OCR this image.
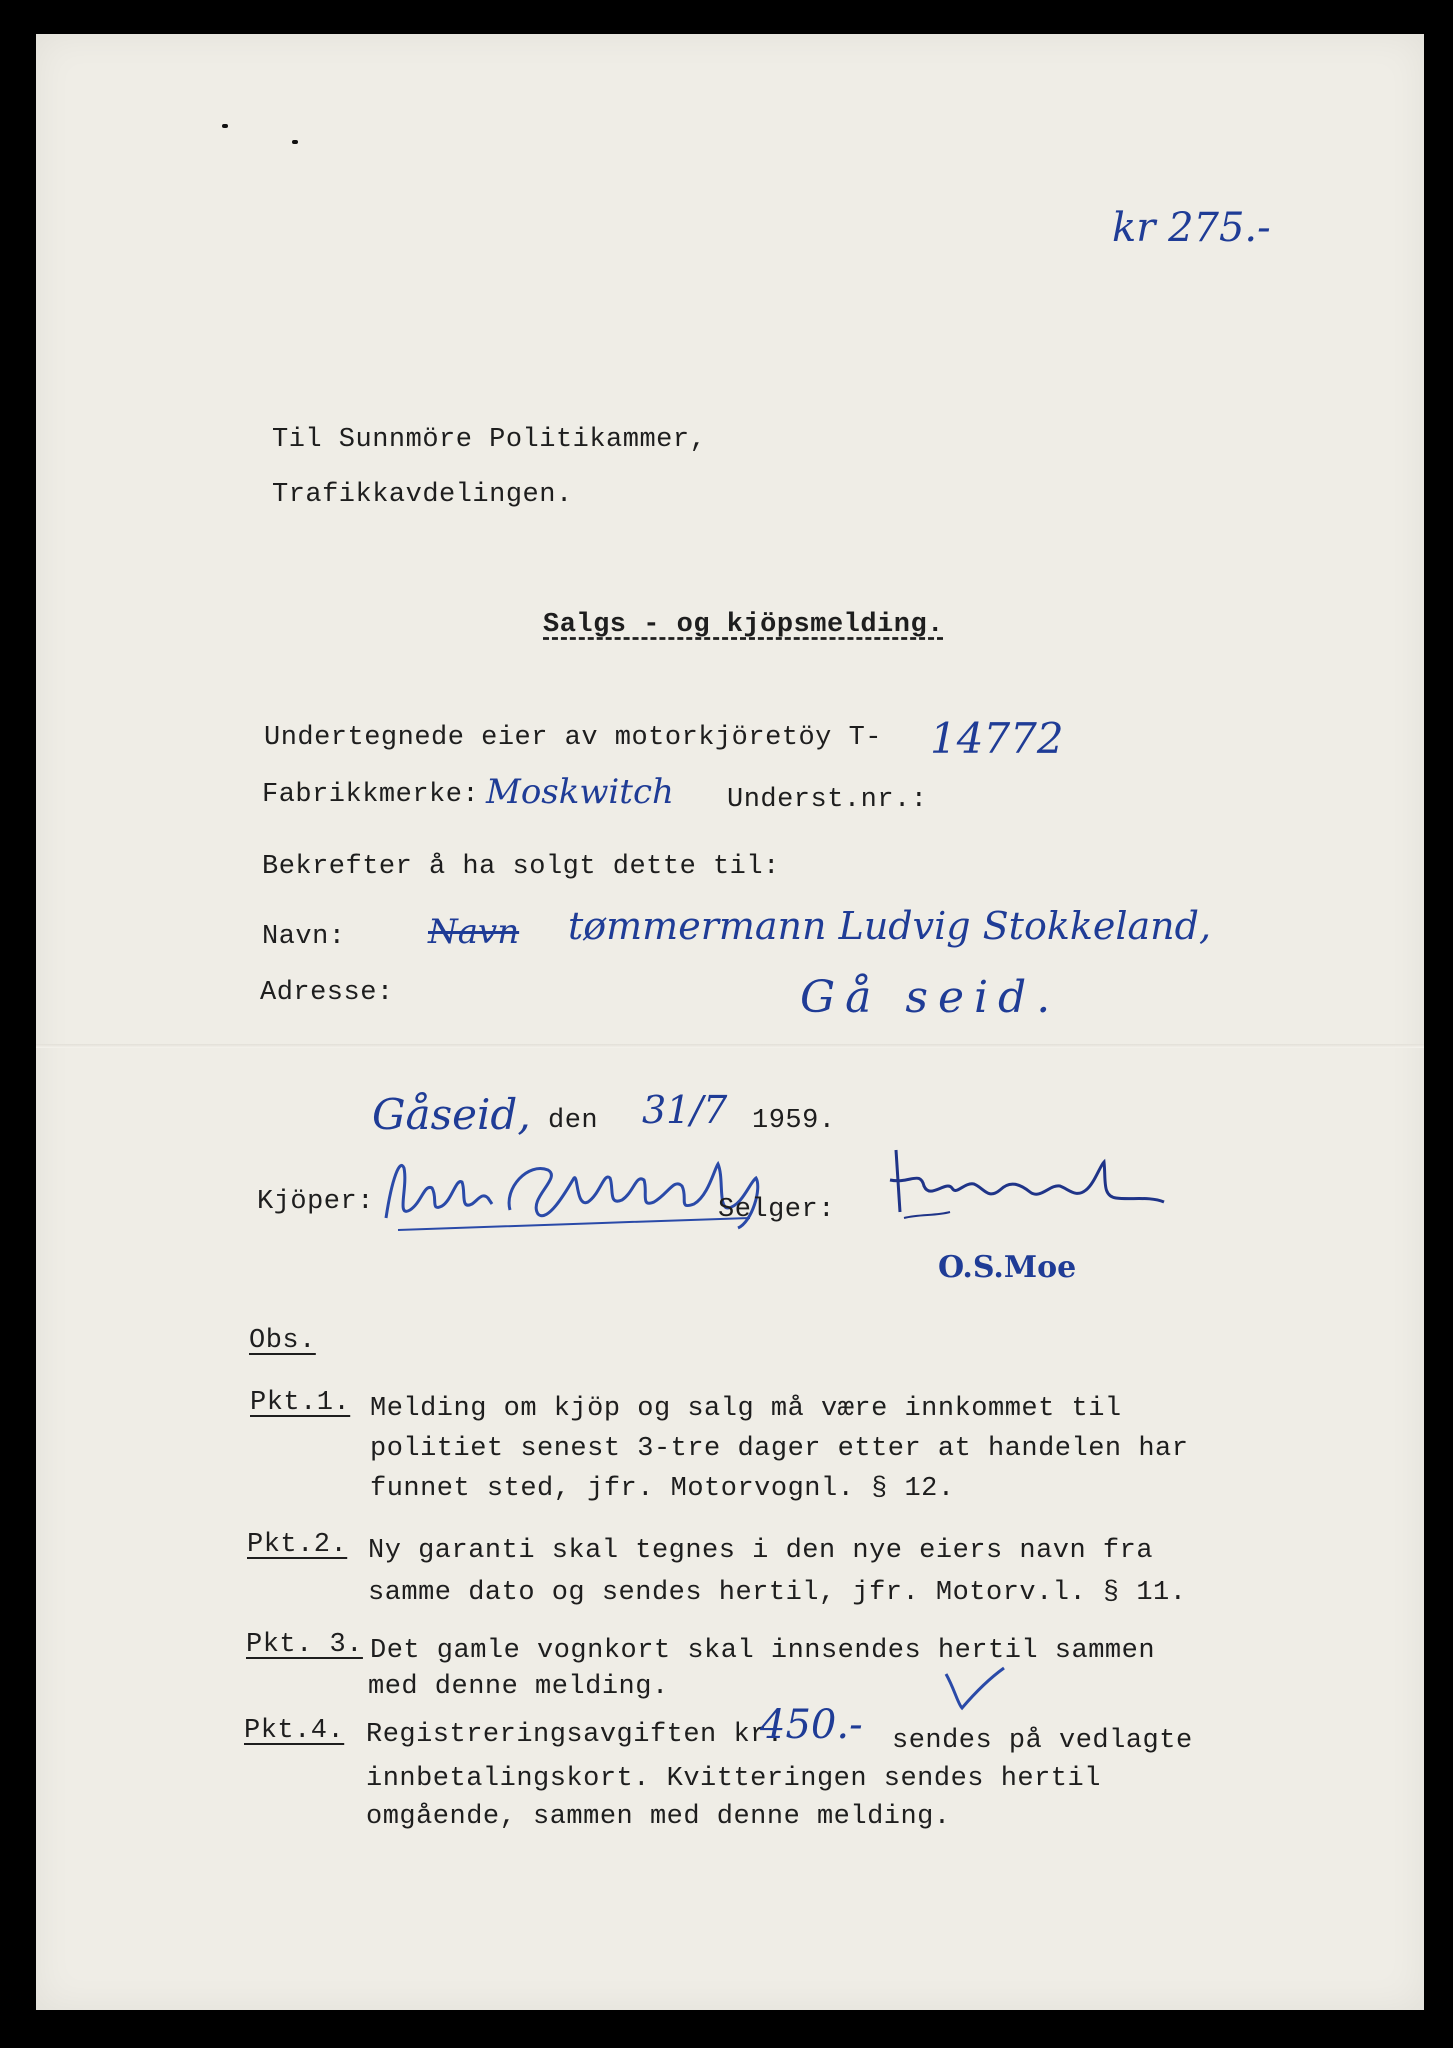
kr 275.-
Til Sunnmöre Politikammer,
Trafikkavdelingen.
Salgs - og kjöpsmelding.
Undertegnede eier av motorkjöretöy T- 14772
Fabrikkmerke: Moskwitch Underst.nr.:
Bekrefter å ha solgt dette til:
Navn: Navn tømmermann Ludvig Stokkeland,
Adresse:	Gå seid.
Gåseid, den 31/7 1959.
Kjöper:	Selger:
O.S.Moe
Obs.
Pkt.1. Melding om kjöp og salg må være innkommet til
politiet senest 3-tre dager etter at handelen har
funnet sted, jfr. Motorvognl. § 12.
Pkt.2. Ny garanti skal tegnes i den nye eiers navn fra
samme dato og sendes hertil, jfr. Motorv.l. § 11.
Pkt. 3. Det gamle vognkort skal innsendes hertil sammen
med denne melding.
Pkt.4. Registreringsavgiften kr.
450.- sendes på vedlagte
innbetalingskort. Kvitteringen sendes hertil
omgående, sammen med denne melding.
